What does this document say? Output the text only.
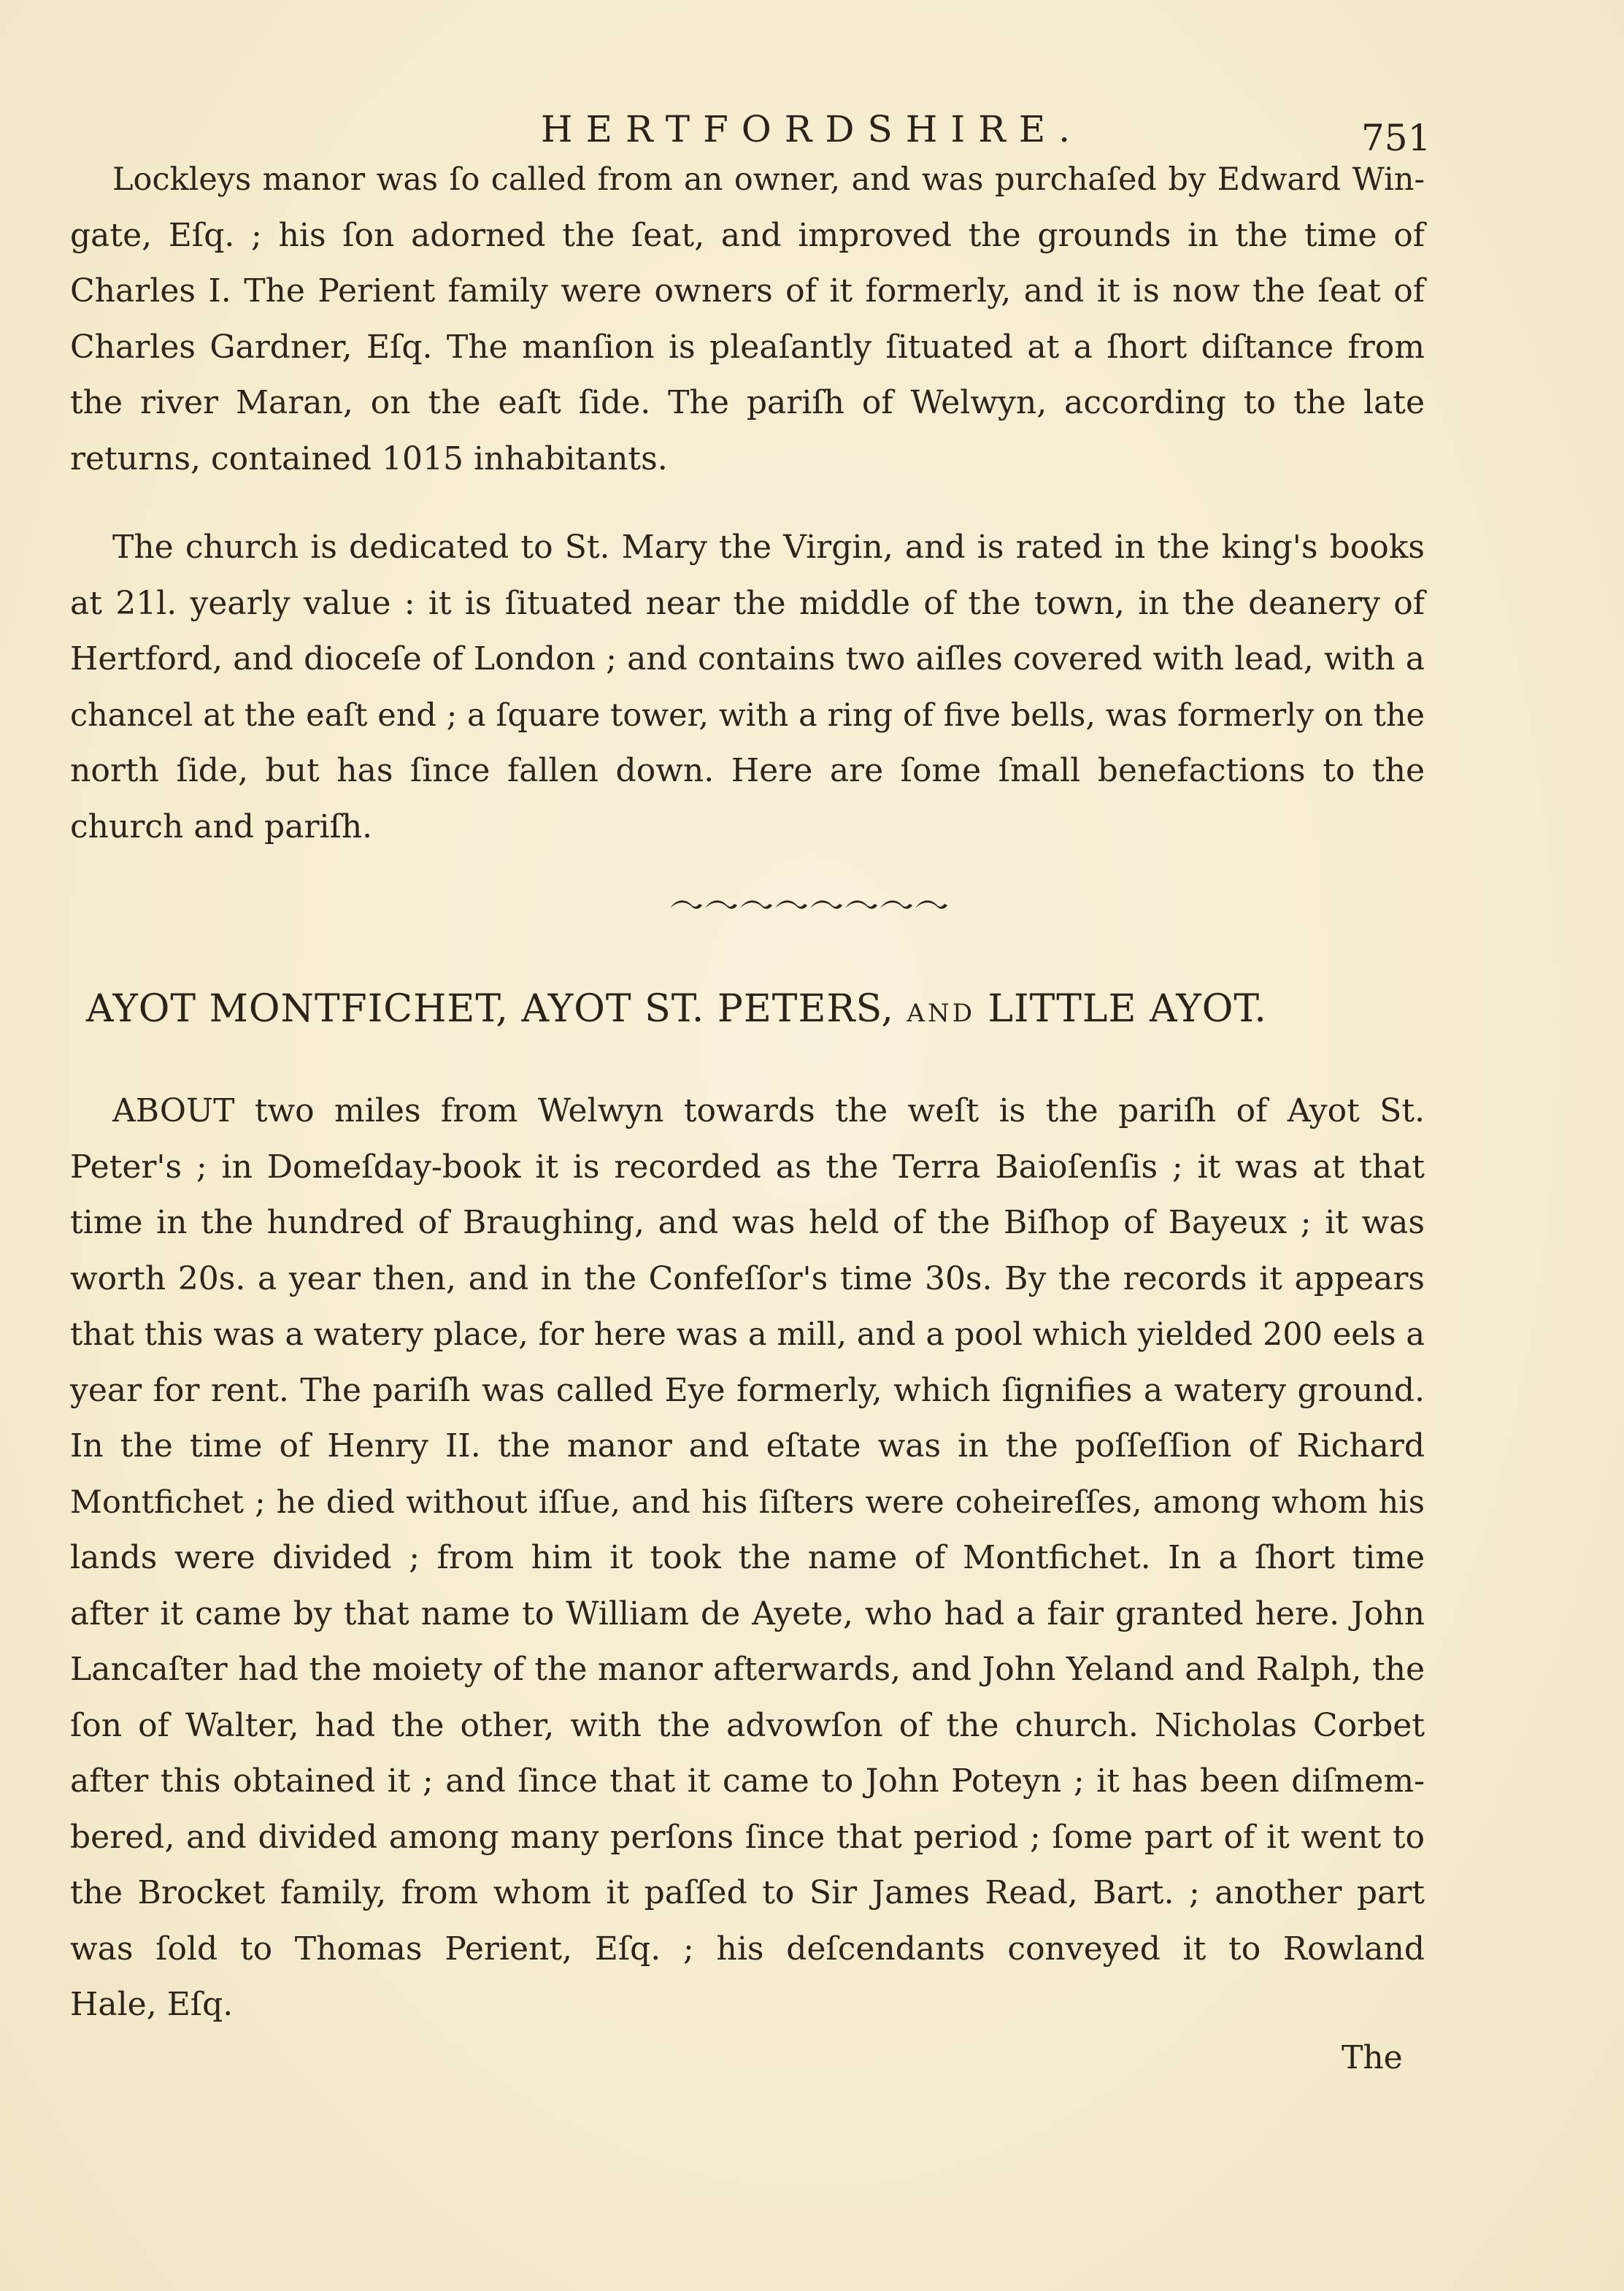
HERTFORDSHIRE.	751
Lockleys manor was ſo called from an owner, and was purchaſed by Edward Win-
gate, Eſq. ; his ſon adorned the ſeat, and improved the grounds in the time of
Charles I. The Perient family were owners of it formerly, and it is now the ſeat of
Charles Gardner, Eſq. The manſion is pleaſantly ſituated at a ſhort diſtance from
the river Maran, on the eaſt ſide. The pariſh of Welwyn, according to the late
returns, contained 1015 inhabitants.
The church is dedicated to St. Mary the Virgin, and is rated in the king's books
at 21l. yearly value : it is ſituated near the middle of the town, in the deanery of
Hertford, and dioceſe of London ; and contains two aiſles covered with lead, with a
chancel at the eaſt end ; a ſquare tower, with a ring of five bells, was formerly on the
north ſide, but has ſince fallen down. Here are ſome ſmall benefactions to the
church and pariſh.
AYOT MONTFICHET, AYOT ST. PETERS, AND LITTLE AYOT.
ABOUT two miles from Welwyn towards the weſt is the pariſh of Ayot St.
Peter's ; in Domeſday-book it is recorded as the Terra Baioſenſis ; it was at that
time in the hundred of Braughing, and was held of the Biſhop of Bayeux ; it was
worth 20s. a year then, and in the Confeſſor's time 30s. By the records it appears
that this was a watery place, for here was a mill, and a pool which yielded 200 eels a
year for rent. The pariſh was called Eye formerly, which ſignifies a watery ground.
In the time of Henry II. the manor and eſtate was in the poſſeſſion of Richard
Montfichet ; he died without iſſue, and his ſiſters were coheireſſes, among whom his
lands were divided ; from him it took the name of Montfichet. In a ſhort time
after it came by that name to William de Ayete, who had a fair granted here. John
Lancaſter had the moiety of the manor afterwards, and John Yeland and Ralph, the
ſon of Walter, had the other, with the advowſon of the church. Nicholas Corbet
after this obtained it ; and ſince that it came to John Poteyn ; it has been diſmem-
bered, and divided among many perſons ſince that period ; ſome part of it went to
the Brocket family, from whom it paſſed to Sir James Read, Bart. ; another part
was ſold to Thomas Perient, Eſq. ; his deſcendants conveyed it to Rowland
Hale, Eſq.
The
